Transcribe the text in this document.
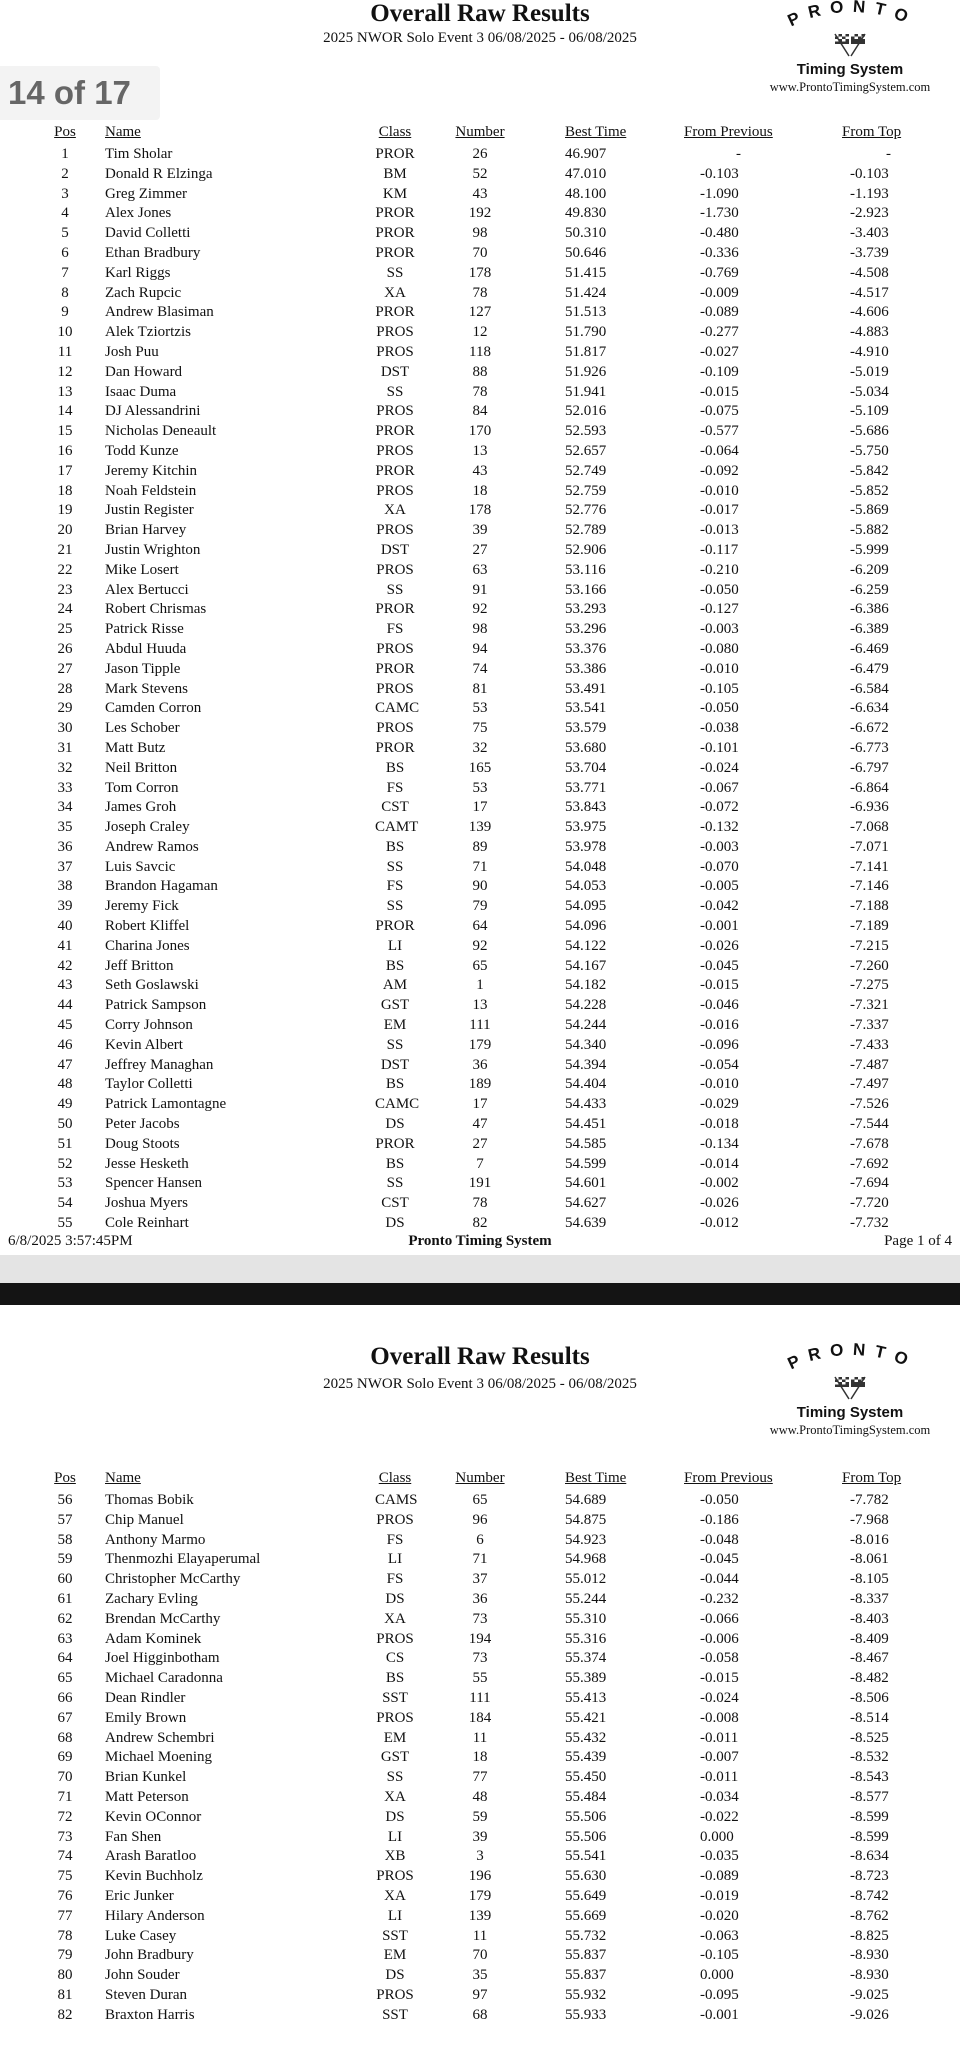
Overall Raw Results
2025 NWOR Solo Event 3 06/08/2025 - 06/08/2025
PRONTO
Timing System
www.ProntoTimingSystem.com
Pos Name	Class	Number	Best Time	From Previous	From Top
1	Tim Sholar	PROR	26	46.907	-	-
2	Donald R Elzinga	BM	52	47.010	-0.103	-0.103
3	Greg Zimmer	KM	43	48.100	-1.090	-1.193
4	Alex Jones	PROR	192	49.830	-1.730	-2.923
5	David Colletti	PROR	98	50.310	-0.480	-3.403
6	Ethan Bradbury	PROR	70	50.646	-0.336	-3.739
7	Karl Riggs	SS	178	51.415	-0.769	-4.508
8	Zach Rupcic	XA	78	51.424	-0.009	-4.517
9	Andrew Blasiman	PROR	127	51.513	-0.089	-4.606
10	Alek Tziortzis	PROS	12	51.790	-0.277	-4.883
11	Josh Puu	PROS	118	51.817	-0.027	-4.910
12	Dan Howard	DST	88	51.926	-0.109	-5.019
13	Isaac Duma	SS	78	51.941	-0.015	-5.034
14	DJ Alessandrini	PROS	84	52.016	-0.075	-5.109
15	Nicholas Deneault	PROR	170	52.593	-0.577	-5.686
16	Todd Kunze	PROS	13	52.657	-0.064	-5.750
17	Jeremy Kitchin	PROR	43	52.749	-0.092	-5.842
18	Noah Feldstein	PROS	18	52.759	-0.010	-5.852
19	Justin Register	XA	178	52.776	-0.017	-5.869
20	Brian Harvey	PROS	39	52.789	-0.013	-5.882
21	Justin Wrighton	DST	27	52.906	-0.117	-5.999
22	Mike Losert	PROS	63	53.116	-0.210	-6.209
23	Alex Bertucci	SS	91	53.166	-0.050	-6.259
24	Robert Chrismas	PROR	92	53.293	-0.127	-6.386
25	Patrick Risse	FS	98	53.296	-0.003	-6.389
26	Abdul Huuda	PROS	94	53.376	-0.080	-6.469
27	Jason Tipple	PROR	74	53.386	-0.010	-6.479
28	Mark Stevens	PROS	81	53.491	-0.105	-6.584
29	Camden Corron	CAMC	53	53.541	-0.050	-6.634
30	Les Schober	PROS	75	53.579	-0.038	-6.672
31	Matt Butz	PROR	32	53.680	-0.101	-6.773
32	Neil Britton	BS	165	53.704	-0.024	-6.797
33	Tom Corron	FS	53	53.771	-0.067	-6.864
34	James Groh	CST	17	53.843	-0.072	-6.936
35	Joseph Craley	CAMT	139	53.975	-0.132	-7.068
36	Andrew Ramos	BS	89	53.978	-0.003	-7.071
37	Luis Savcic	SS	71	54.048	-0.070	-7.141
38	Brandon Hagaman	FS	90	54.053	-0.005	-7.146
39	Jeremy Fick	SS	79	54.095	-0.042	-7.188
40	Robert Kliffel	PROR	64	54.096	-0.001	-7.189
41	Charina Jones	LI	92	54.122	-0.026	-7.215
42	Jeff Britton	BS	65	54.167	-0.045	-7.260
43	Seth Goslawski	AM	1	54.182	-0.015	-7.275
44	Patrick Sampson	GST	13	54.228	-0.046	-7.321
45	Corry Johnson	EM	111	54.244	-0.016	-7.337
46	Kevin Albert	SS	179	54.340	-0.096	-7.433
47	Jeffrey Managhan	DST	36	54.394	-0.054	-7.487
48	Taylor Colletti	BS	189	54.404	-0.010	-7.497
49	Patrick Lamontagne	CAMC	17	54.433	-0.029	-7.526
50	Peter Jacobs	DS	47	54.451	-0.018	-7.544
51	Doug Stoots	PROR	27	54.585	-0.134	-7.678
52	Jesse Hesketh	BS	7	54.599	-0.014	-7.692
53	Spencer Hansen	SS	191	54.601	-0.002	-7.694
54	Joshua Myers	CST	78	54.627	-0.026	-7.720
55	Cole Reinhart	DS	82	54.639	-0.012	-7.732
6/8/2025 3:57:45PM	Pronto Timing System	Page 1 of 4
14 of 17
Overall Raw Results
2025 NWOR Solo Event 3 06/08/2025 - 06/08/2025
PRONTO
Timing System
www.ProntoTimingSystem.com
Pos Name	Class	Number	Best Time	From Previous	From Top
56	Thomas Bobik	CAMS	65	54.689	-0.050	-7.782
57	Chip Manuel	PROS	96	54.875	-0.186	-7.968
58	Anthony Marmo	FS	6	54.923	-0.048	-8.016
59	Thenmozhi Elayaperumal	LI	71	54.968	-0.045	-8.061
60	Christopher McCarthy	FS	37	55.012	-0.044	-8.105
61	Zachary Evling	DS	36	55.244	-0.232	-8.337
62	Brendan McCarthy	XA	73	55.310	-0.066	-8.403
63	Adam Kominek	PROS	194	55.316	-0.006	-8.409
64	Joel Higginbotham	CS	73	55.374	-0.058	-8.467
65	Michael Caradonna	BS	55	55.389	-0.015	-8.482
66	Dean Rindler	SST	111	55.413	-0.024	-8.506
67	Emily Brown	PROS	184	55.421	-0.008	-8.514
68	Andrew Schembri	EM	11	55.432	-0.011	-8.525
69	Michael Moening	GST	18	55.439	-0.007	-8.532
70	Brian Kunkel	SS	77	55.450	-0.011	-8.543
71	Matt Peterson	XA	48	55.484	-0.034	-8.577
72	Kevin OConnor	DS	59	55.506	-0.022	-8.599
73	Fan Shen	LI	39	55.506	0.000	-8.599
74	Arash Baratloo	XB	3	55.541	-0.035	-8.634
75	Kevin Buchholz	PROS	196	55.630	-0.089	-8.723
76	Eric Junker	XA	179	55.649	-0.019	-8.742
77	Hilary Anderson	LI	139	55.669	-0.020	-8.762
78	Luke Casey	SST	11	55.732	-0.063	-8.825
79	John Bradbury	EM	70	55.837	-0.105	-8.930
80	John Souder	DS	35	55.837	0.000	-8.930
81	Steven Duran	PROS	97	55.932	-0.095	-9.025
82	Braxton Harris	SST	68	55.933	-0.001	-9.026
